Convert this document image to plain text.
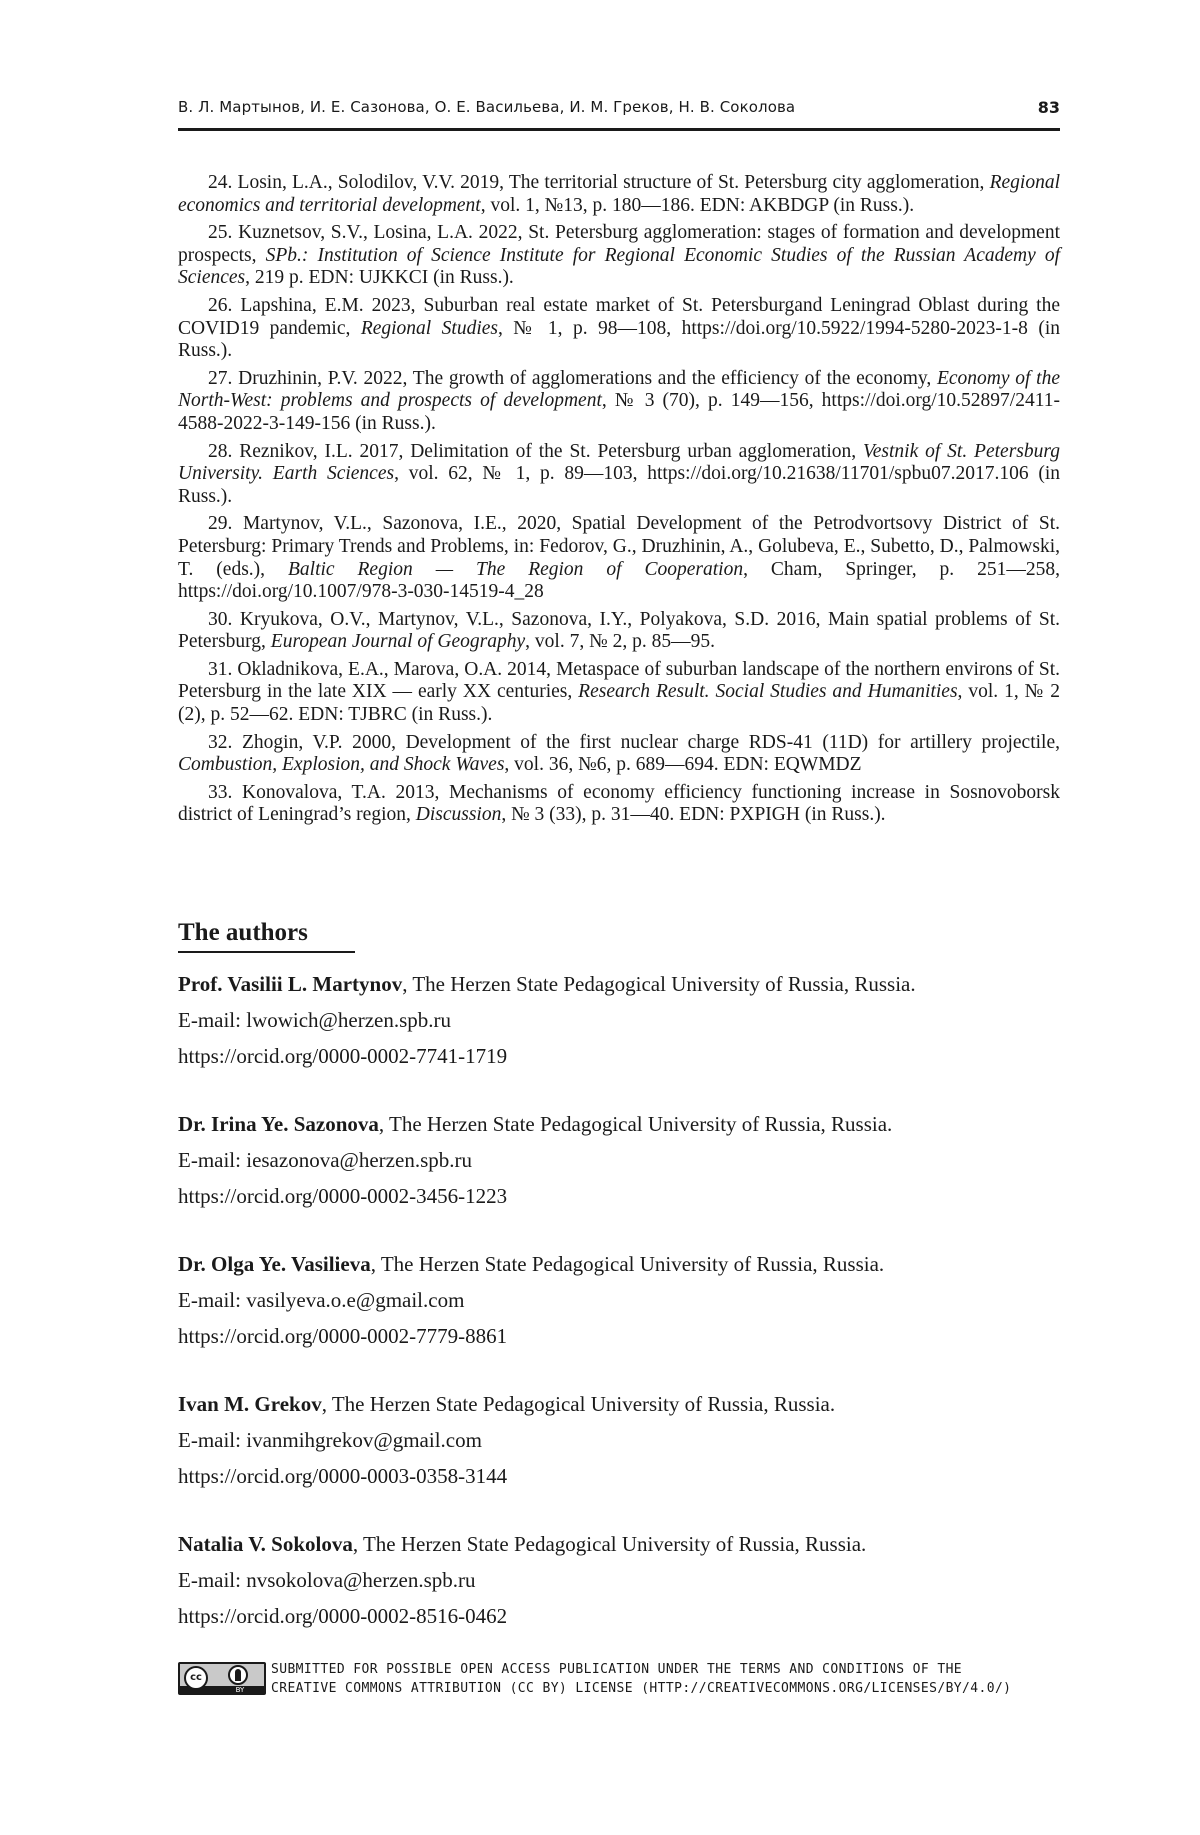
В. Л. Мартынов, И. Е. Сазонова, О. Е. Васильева, И. М. Греков, Н. В. Соколова	83

24. Losin, L.A., Solodilov, V.V. 2019, The territorial structure of St. Petersburg city agglomeration, Regional economics and territorial development, vol. 1, №13, p. 180—186. EDN: AKBDGP (in Russ.).

25. Kuznetsov, S.V., Losina, L.A. 2022, St. Petersburg agglomeration: stages of formation and development prospects, SPb.: Institution of Science Institute for Regional Economic Studies of the Russian Academy of Sciences, 219 p. EDN: UJKKCI (in Russ.).

26. Lapshina, E.M. 2023, Suburban real estate market of St. Petersburgand Leningrad Oblast during the COVID19 pandemic, Regional Studies, № 1, p. 98—108, https://doi.org/10.5922/1994-5280-2023-1-8 (in Russ.).

27. Druzhinin, P.V. 2022, The growth of agglomerations and the efficiency of the economy, Economy of the North-West: problems and prospects of development, № 3 (70), p. 149—156, https://doi.org/10.52897/2411-4588-2022-3-149-156 (in Russ.).

28. Reznikov, I.L. 2017, Delimitation of the St. Petersburg urban agglomeration, Vestnik of St. Petersburg University. Earth Sciences, vol. 62, № 1, p. 89—103, https://doi.org/10.21638/11701/spbu07.2017.106 (in Russ.).

29. Martynov, V.L., Sazonova, I.E., 2020, Spatial Development of the Petrodvortsovy District of St. Petersburg: Primary Trends and Problems, in: Fedorov, G., Druzhinin, A., Golubeva, E., Subetto, D., Palmowski, T. (eds.), Baltic Region — The Region of Cooperation, Cham, Springer, p. 251—258, https://doi.org/10.1007/978-3-030-14519-4_28

30. Kryukova, O.V., Martynov, V.L., Sazonova, I.Y., Polyakova, S.D. 2016, Main spatial problems of St. Petersburg, European Journal of Geography, vol. 7, № 2, p. 85—95.

31. Okladnikova, E.A., Marova, O.A. 2014, Metaspace of suburban landscape of the northern environs of St. Petersburg in the late XIX — early XX centuries, Research Result. Social Studies and Humanities, vol. 1, № 2 (2), p. 52—62. EDN: TJBRC (in Russ.).

32. Zhogin, V.P. 2000, Development of the first nuclear charge RDS-41 (11D) for artillery projectile, Combustion, Explosion, and Shock Waves, vol. 36, №6, p. 689—694. EDN: EQWMDZ

33. Konovalova, T.A. 2013, Mechanisms of economy efficiency functioning increase in Sosnovoborsk district of Leningrad’s region, Discussion, № 3 (33), p. 31—40. EDN: PXPIGH (in Russ.).

The authors

Prof. Vasilii L. Martynov, The Herzen State Pedagogical University of Russia, Russia.

E-mail: lwowich@herzen.spb.ru

https://orcid.org/0000-0002-7741-1719

Dr. Irina Ye. Sazonova, The Herzen State Pedagogical University of Russia, Russia.

E-mail: iesazonova@herzen.spb.ru

https://orcid.org/0000-0002-3456-1223

Dr. Olga Ye. Vasilieva, The Herzen State Pedagogical University of Russia, Russia.

E-mail: vasilyeva.o.e@gmail.com

https://orcid.org/0000-0002-7779-8861

Ivan M. Grekov, The Herzen State Pedagogical University of Russia, Russia.

E-mail: ivanmihgrekov@gmail.com

https://orcid.org/0000-0003-0358-3144

Natalia V. Sokolova, The Herzen State Pedagogical University of Russia, Russia.

E-mail: nvsokolova@herzen.spb.ru

https://orcid.org/0000-0002-8516-0462

cc
BY
SUBMITTED FOR POSSIBLE OPEN ACCESS PUBLICATION UNDER THE TERMS AND CONDITIONS OF THE
CREATIVE COMMONS ATTRIBUTION (CC BY) LICENSE (HTTP://CREATIVECOMMONS.ORG/LICENSES/BY/4.0/)
